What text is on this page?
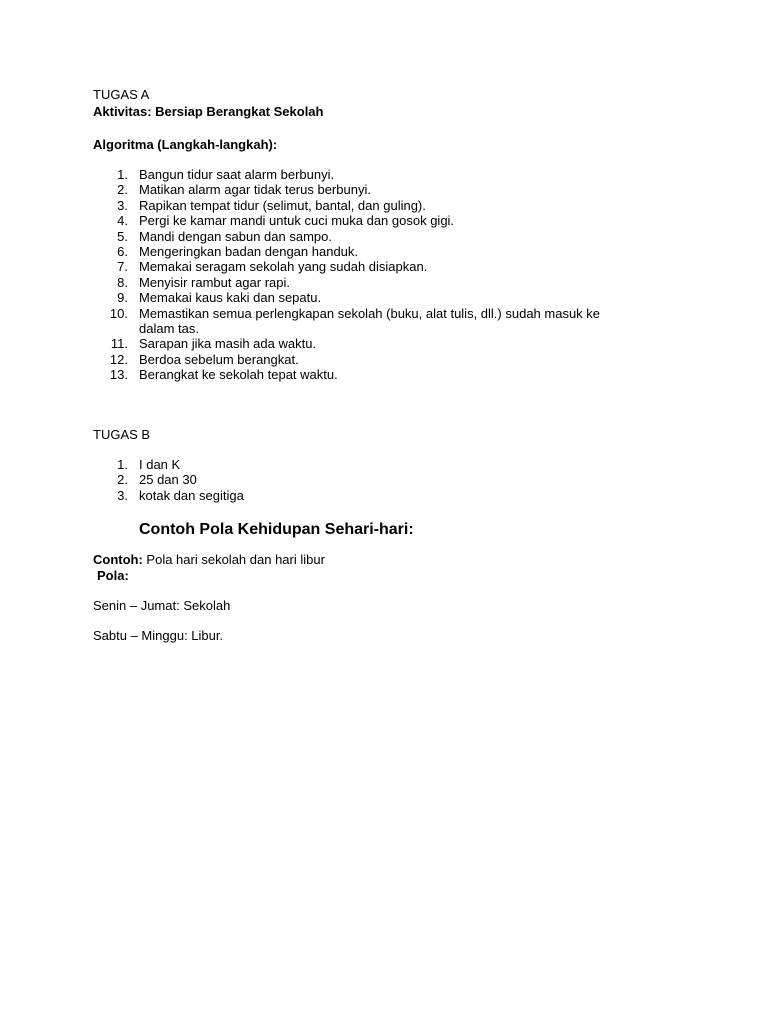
TUGAS A
Aktivitas: Bersiap Berangkat Sekolah
Algoritma (Langkah-langkah):
1. Bangun tidur saat alarm berbunyi.
2. Matikan alarm agar tidak terus berbunyi.
3. Rapikan tempat tidur (selimut, bantal, dan guling).
4. Pergi ke kamar mandi untuk cuci muka dan gosok gigi.
5. Mandi dengan sabun dan sampo.
6. Mengeringkan badan dengan handuk.
7. Memakai seragam sekolah yang sudah disiapkan.
8. Menyisir rambut agar rapi.
9. Memakai kaus kaki dan sepatu.
10. Memastikan semua perlengkapan sekolah (buku, alat tulis, dll.) sudah masuk ke
dalam tas.
11. Sarapan jika masih ada waktu.
12. Berdoa sebelum berangkat.
13. Berangkat ke sekolah tepat waktu.
TUGAS B
1. I dan K
2. 25 dan 30
3. kotak dan segitiga
Contoh Pola Kehidupan Sehari-hari:
Contoh: Pola hari sekolah dan hari libur
Pola:
Senin – Jumat: Sekolah
Sabtu – Minggu: Libur.
